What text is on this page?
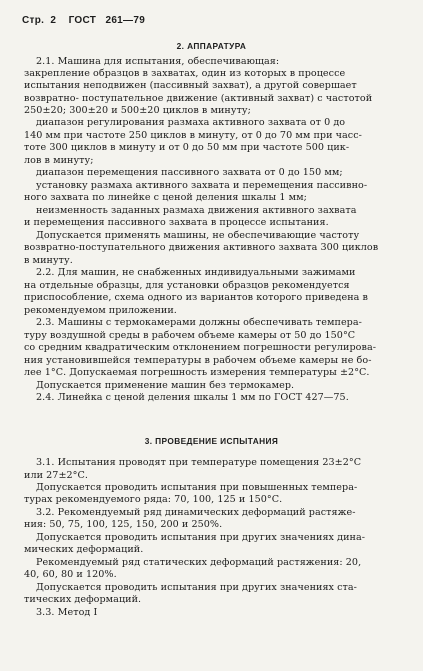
Стр. 2 ГОСТ 261—79
2. АППАРАТУРА
2.1. Машина для испытания, обеспечивающая:
закрепление образцов в захватах, один из которых в процессе
испытания неподвижен (пассивный захват), а другой совершает
возвратно- поступательное движение (активный захват) с частотой
250±20; 300±20 и 500±20 циклов в минуту;
диапазон регулирования размаха активного захвата от 0 до
140 мм при частоте 250 циклов в минуту, от 0 до 70 мм при часс-
тоте 300 циклов в минуту и от 0 до 50 мм при частоте 500 цик-
лов в минуту;
диапазон перемещения пассивного захвата от 0 до 150 мм;
установку размаха активного захвата и перемещения пассивно-
ного захвата по линейке с ценой деления шкалы 1 мм;
неизменность заданных размаха движения активного захвата
и перемещения пассивного захвата в процессе испытания.
Допускается применять машины, не обеспечивающие частоту
возвратно-поступательного движения активного захвата 300 циклов
в минуту.
2.2. Для машин, не снабженных индивидуальными зажимами
на отдельные образцы, для установки образцов рекомендуется
приспособление, схема одного из вариантов которого приведена в
рекомендуемом приложении.
2.3. Машины с термокамерами должны обеспечивать темпера-
туру воздушной среды в рабочем объеме камеры от 50 до 150°С
со средним квадратическим отклонением погрешности регулирова-
ния установившейся температуры в рабочем объеме камеры не бо-
лее 1°С. Допускаемая погрешность измерения температуры ±2°С.
Допускается применение машин без термокамер.
2.4. Линейка с ценой деления шкалы 1 мм по ГОСТ 427—75.
3. ПРОВЕДЕНИЕ ИСПЫТАНИЯ
3.1. Испытания проводят при температуре помещения 23±2°С
или 27±2°С.
Допускается проводить испытания при повышенных темпера-
турах рекомендуемого ряда: 70, 100, 125 и 150°С.
3.2. Рекомендуемый ряд динамических деформаций растяже-
ния: 50, 75, 100, 125, 150, 200 и 250%.
Допускается проводить испытания при других значениях дина-
мических деформаций.
Рекомендуемый ряд статических деформаций растяжения: 20,
40, 60, 80 и 120%.
Допускается проводить испытания при других значениях ста-
тических деформаций.
3.3. Метод I
